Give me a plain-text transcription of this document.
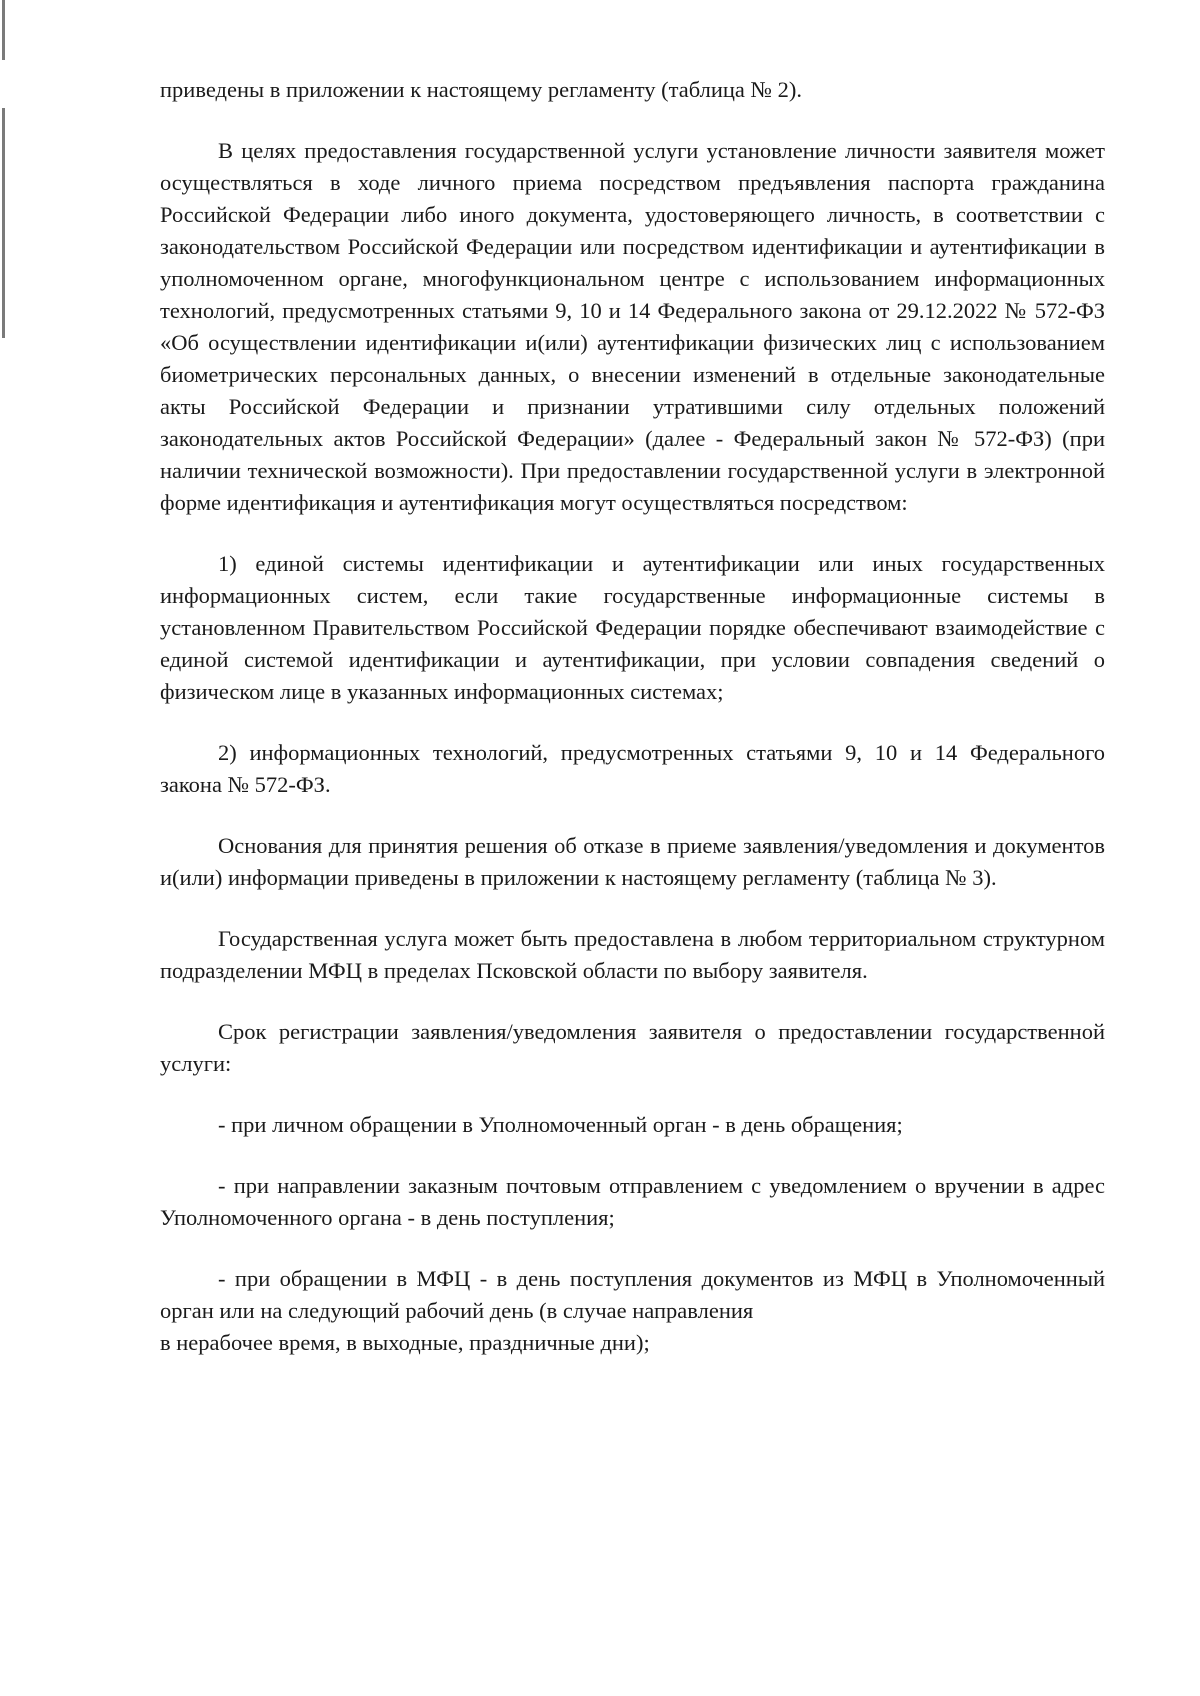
приведены в приложении к настоящему регламенту (таблица № 2).

В целях предоставления государственной услуги установление личности заявителя может осуществляться в ходе личного приема посредством предъявления паспорта гражданина Российской Федерации либо иного документа, удостоверяющего личность, в соответствии с законодательством Российской Федерации или посредством идентификации и аутентификации в уполномоченном органе, многофункциональном центре с использованием информационных технологий, предусмотренных статьями 9, 10 и 14 Федерального закона от 29.12.2022 № 572-ФЗ «Об осуществлении идентификации и(или) аутентификации физических лиц с использованием биометрических персональных данных, о внесении изменений в отдельные законодательные акты Российской Федерации и признании утратившими силу отдельных положений законодательных актов Российской Федерации» (далее - Федеральный закон № 572-ФЗ) (при наличии технической возможности). При предоставлении государственной услуги в электронной форме идентификация и аутентификация могут осуществляться посредством:

1) единой системы идентификации и аутентификации или иных государственных информационных систем, если такие государственные информационные системы в установленном Правительством Российской Федерации порядке обеспечивают взаимодействие с единой системой идентификации и аутентификации, при условии совпадения сведений о физическом лице в указанных информационных системах;

2) информационных технологий, предусмотренных статьями 9, 10 и 14 Федерального закона № 572-ФЗ.

Основания для принятия решения об отказе в приеме заявления/уведомления и документов и(или) информации приведены в приложении к настоящему регламенту (таблица № 3).

Государственная услуга может быть предоставлена в любом территориальном структурном подразделении МФЦ в пределах Псковской области по выбору заявителя.

Срок регистрации заявления/уведомления заявителя о предоставлении государственной услуги:

- при личном обращении в Уполномоченный орган - в день обращения;

- при направлении заказным почтовым отправлением с уведомлением о вручении в адрес Уполномоченного органа - в день поступления;

- при обращении в МФЦ - в день поступления документов из МФЦ в Уполномоченный орган или на следующий рабочий день (в случае направления

в нерабочее время, в выходные, праздничные дни);
